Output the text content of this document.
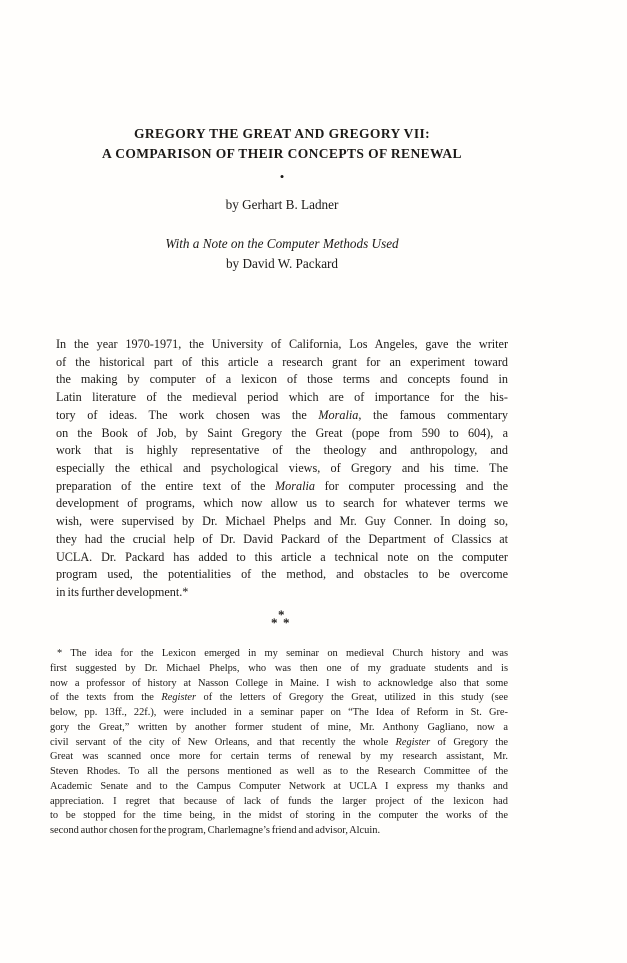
GREGORY THE GREAT AND GREGORY VII:
A COMPARISON OF THEIR CONCEPTS OF RENEWAL
•
by Gerhart B. Ladner
With a Note on the Computer Methods Used
by David W. Packard
In the year 1970-1971, the University of California, Los Angeles, gave the writer
of the historical part of this article a research grant for an experiment toward
the making by computer of a lexicon of those terms and concepts found in
Latin literature of the medieval period which are of importance for the his-
tory of ideas. The work chosen was the Moralia, the famous commentary
on the Book of Job, by Saint Gregory the Great (pope from 590 to 604), a
work that is highly representative of the theology and anthropology, and
especially the ethical and psychological views, of Gregory and his time. The
preparation of the entire text of the Moralia for computer processing and the
development of programs, which now allow us to search for whatever terms we
wish, were supervised by Dr. Michael Phelps and Mr. Guy Conner. In doing so,
they had the crucial help of Dr. David Packard of the Department of Classics at
UCLA. Dr. Packard has added to this article a technical note on the computer
program used, the potentialities of the method, and obstacles to be overcome
in its further development.*
*
* *
* The idea for the Lexicon emerged in my seminar on medieval Church history and was
first suggested by Dr. Michael Phelps, who was then one of my graduate students and is
now a professor of history at Nasson College in Maine. I wish to acknowledge also that some
of the texts from the Register of the letters of Gregory the Great, utilized in this study (see
below, pp. 13ff., 22f.), were included in a seminar paper on “The Idea of Reform in St. Gre-
gory the Great,” written by another former student of mine, Mr. Anthony Gagliano, now a
civil servant of the city of New Orleans, and that recently the whole Register of Gregory the
Great was scanned once more for certain terms of renewal by my research assistant, Mr.
Steven Rhodes. To all the persons mentioned as well as to the Research Committee of the
Academic Senate and to the Campus Computer Network at UCLA I express my thanks and
appreciation. I regret that because of lack of funds the larger project of the lexicon had
to be stopped for the time being, in the midst of storing in the computer the works of the
second author chosen for the program, Charlemagne’s friend and advisor, Alcuin.
